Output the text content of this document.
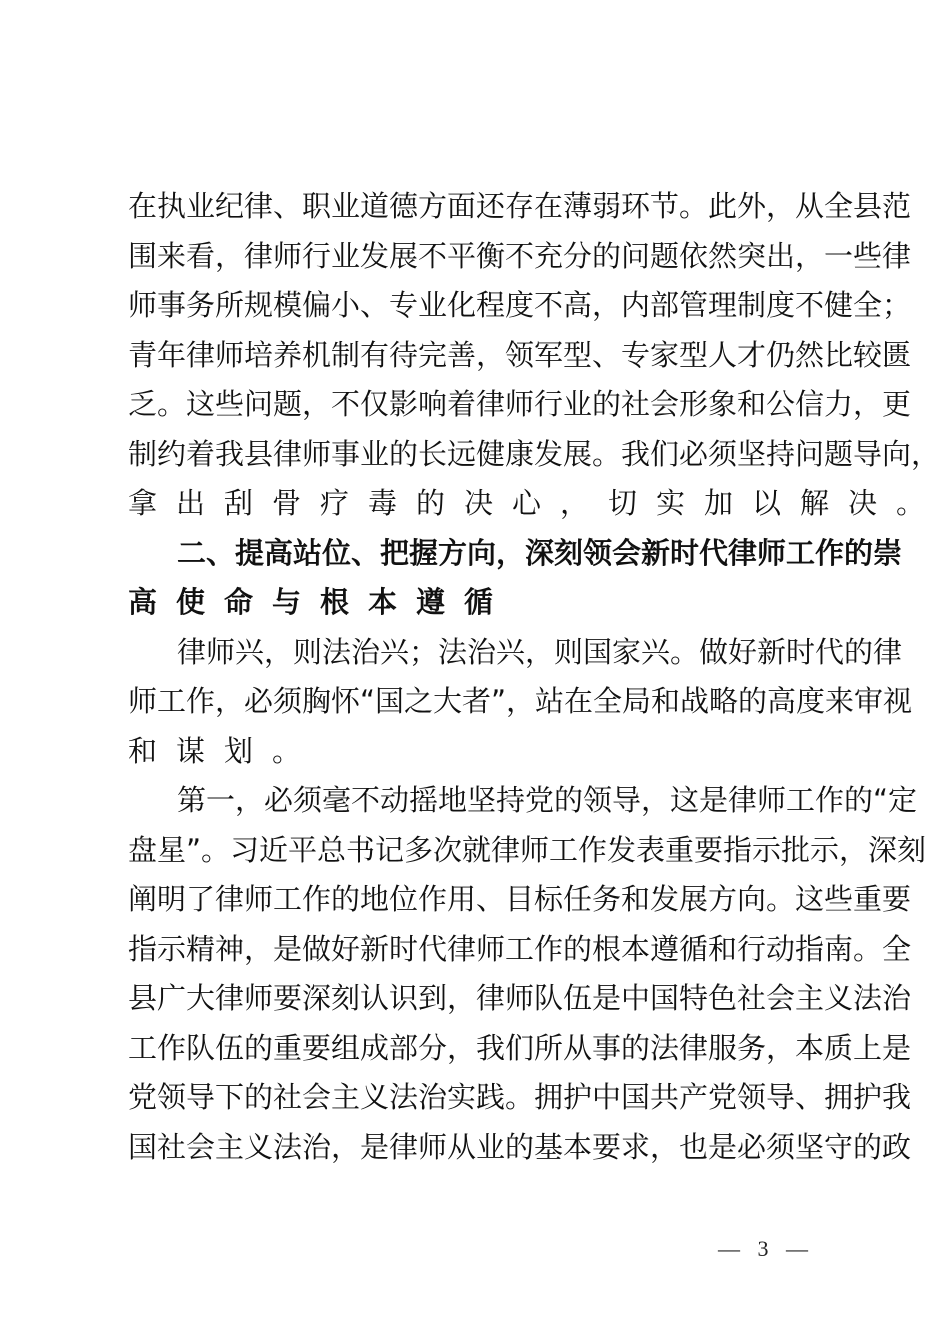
在执业纪律、职业道德方面还存在薄弱环节。此外，从全县范
围来看，律师行业发展不平衡不充分的问题依然突出，一些律
师事务所规模偏小、专业化程度不高，内部管理制度不健全；
青年律师培养机制有待完善，领军型、专家型人才仍然比较匮
乏。这些问题，不仅影响着律师行业的社会形象和公信力，更
制约着我县律师事业的长远健康发展。我们必须坚持问题导向，
拿出刮骨疗毒的决心，切实加以解决。
二、提高站位、把握方向，深刻领会新时代律师工作的崇
高使命与根本遵循
律师兴，则法治兴；法治兴，则国家兴。做好新时代的律
师工作，必须胸怀“国之大者”，站在全局和战略的高度来审视
和谋划。
第一，必须毫不动摇地坚持党的领导，这是律师工作的“定
盘星”。习近平总书记多次就律师工作发表重要指示批示，深刻
阐明了律师工作的地位作用、目标任务和发展方向。这些重要
指示精神，是做好新时代律师工作的根本遵循和行动指南。全
县广大律师要深刻认识到，律师队伍是中国特色社会主义法治
工作队伍的重要组成部分，我们所从事的法律服务，本质上是
党领导下的社会主义法治实践。拥护中国共产党领导、拥护我
国社会主义法治，是律师从业的基本要求，也是必须坚守的政
— 3 —
